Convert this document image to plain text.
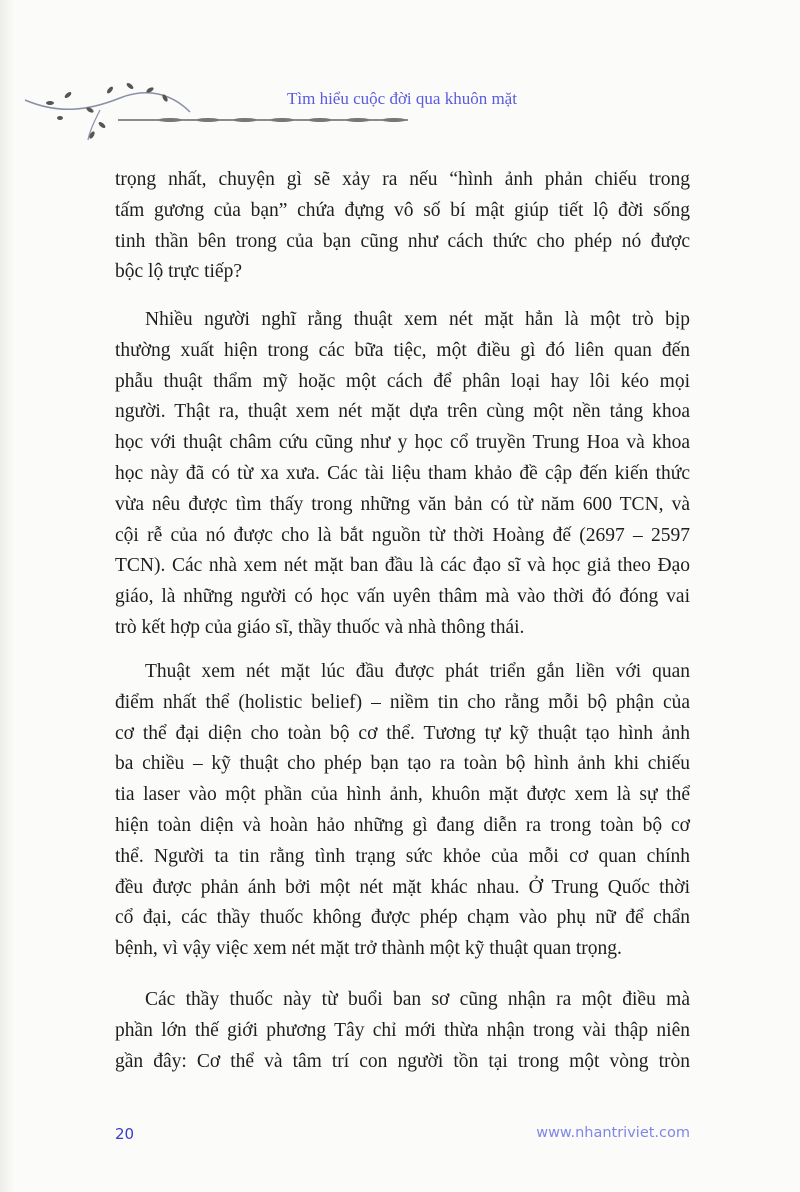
Tìm hiểu cuộc đời qua khuôn mặt
trọng nhất, chuyện gì sẽ xảy ra nếu “hình ảnh phản chiếu trong
tấm gương của bạn” chứa đựng vô số bí mật giúp tiết lộ đời sống
tinh thần bên trong của bạn cũng như cách thức cho phép nó được
bộc lộ trực tiếp?
Nhiều người nghĩ rằng thuật xem nét mặt hẳn là một trò bịp
thường xuất hiện trong các bữa tiệc, một điều gì đó liên quan đến
phẫu thuật thẩm mỹ hoặc một cách để phân loại hay lôi kéo mọi
người. Thật ra, thuật xem nét mặt dựa trên cùng một nền tảng khoa
học với thuật châm cứu cũng như y học cổ truyền Trung Hoa và khoa
học này đã có từ xa xưa. Các tài liệu tham khảo đề cập đến kiến thức
vừa nêu được tìm thấy trong những văn bản có từ năm 600 TCN, và
cội rễ của nó được cho là bắt nguồn từ thời Hoàng đế (2697 – 2597
TCN). Các nhà xem nét mặt ban đầu là các đạo sĩ và học giả theo Đạo
giáo, là những người có học vấn uyên thâm mà vào thời đó đóng vai
trò kết hợp của giáo sĩ, thầy thuốc và nhà thông thái.
Thuật xem nét mặt lúc đầu được phát triển gắn liền với quan
điểm nhất thể (holistic belief) – niềm tin cho rằng mỗi bộ phận của
cơ thể đại diện cho toàn bộ cơ thể. Tương tự kỹ thuật tạo hình ảnh
ba chiều – kỹ thuật cho phép bạn tạo ra toàn bộ hình ảnh khi chiếu
tia laser vào một phần của hình ảnh, khuôn mặt được xem là sự thể
hiện toàn diện và hoàn hảo những gì đang diễn ra trong toàn bộ cơ
thể. Người ta tin rằng tình trạng sức khỏe của mỗi cơ quan chính
đều được phản ánh bởi một nét mặt khác nhau. Ở Trung Quốc thời
cổ đại, các thầy thuốc không được phép chạm vào phụ nữ để chẩn
bệnh, vì vậy việc xem nét mặt trở thành một kỹ thuật quan trọng.
Các thầy thuốc này từ buổi ban sơ cũng nhận ra một điều mà
phần lớn thế giới phương Tây chỉ mới thừa nhận trong vài thập niên
gần đây: Cơ thể và tâm trí con người tồn tại trong một vòng tròn
20	www.nhantriviet.com
